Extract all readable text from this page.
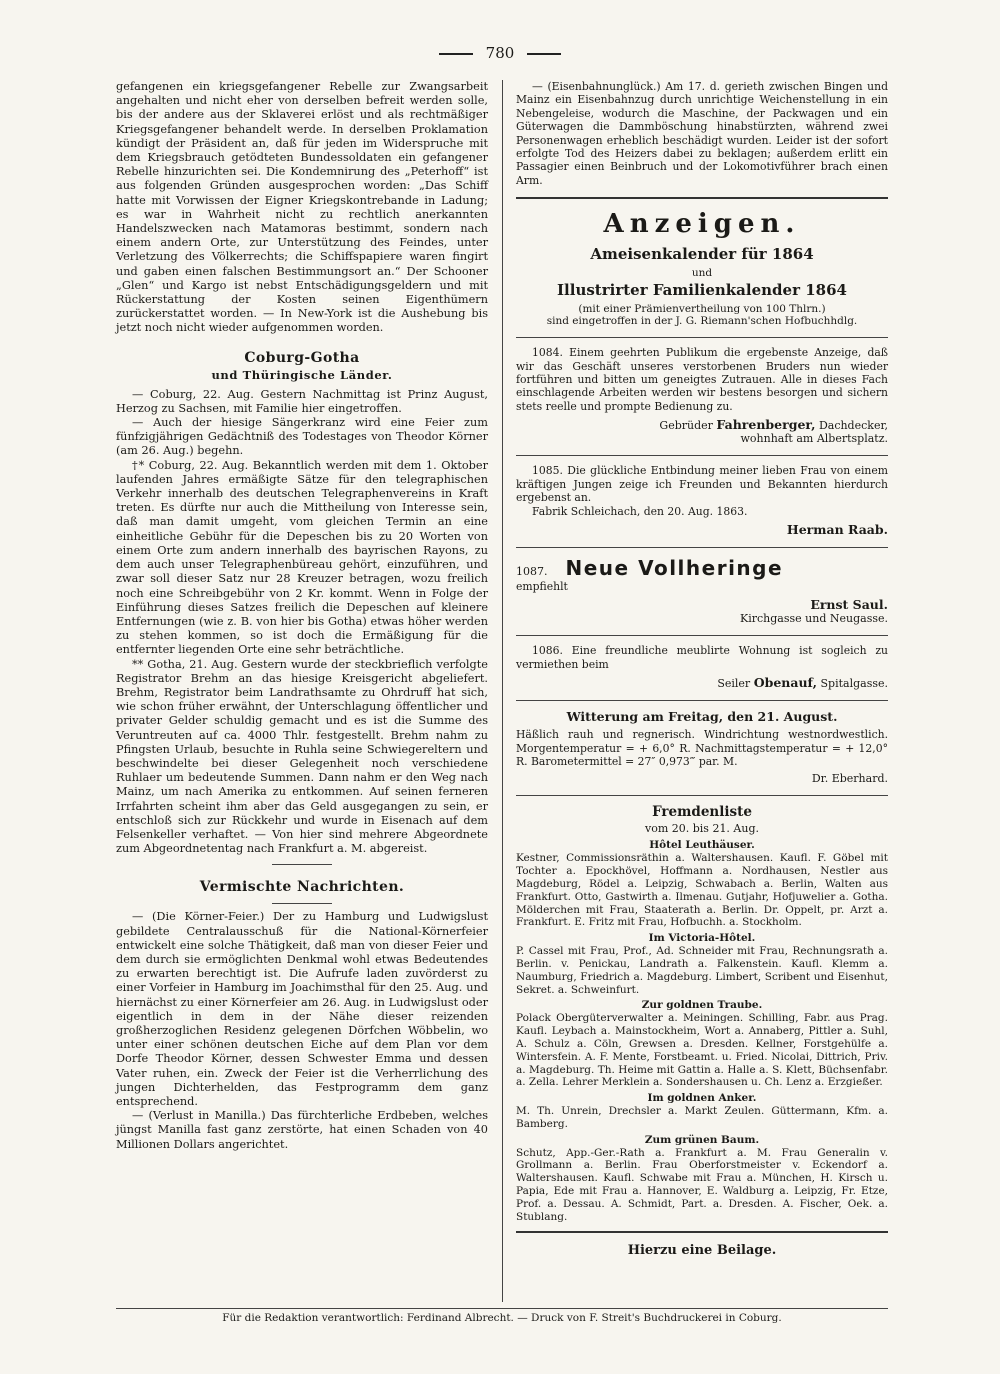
780

gefangenen ein kriegsgefangener Rebelle zur Zwangsarbeit angehalten und nicht eher von derselben befreit werden solle, bis der andere aus der Sklaverei erlöst und als rechtmäßiger Kriegsgefangener behandelt werde. In derselben Proklamation kündigt der Präsident an, daß für jeden im Widerspruche mit dem Kriegsbrauch getödteten Bundessoldaten ein gefangener Rebelle hinzurichten sei. Die Kondemnirung des „Peterhoff“ ist aus folgenden Gründen ausgesprochen worden: „Das Schiff hatte mit Vorwissen der Eigner Kriegskontrebande in Ladung; es war in Wahrheit nicht zu rechtlich anerkannten Handelszwecken nach Matamoras bestimmt, sondern nach einem andern Orte, zur Unterstützung des Feindes, unter Verletzung des Völkerrechts; die Schiffspapiere waren fingirt und gaben einen falschen Bestimmungsort an.“ Der Schooner „Glen“ und Kargo ist nebst Entschädigungsgeldern und mit Rückerstattung der Kosten seinen Eigenthümern zurückerstattet worden. — In New-York ist die Aushebung bis jetzt noch nicht wieder aufgenommen worden.

Coburg-Gotha
und Thüringische Länder.

— Coburg, 22. Aug. Gestern Nachmittag ist Prinz August, Herzog zu Sachsen, mit Familie hier eingetroffen.

— Auch der hiesige Sängerkranz wird eine Feier zum fünfzigjährigen Gedächtniß des Todestages von Theodor Körner (am 26. Aug.) begehn.

†* Coburg, 22. Aug. Bekanntlich werden mit dem 1. Oktober laufenden Jahres ermäßigte Sätze für den telegraphischen Verkehr innerhalb des deutschen Telegraphenvereins in Kraft treten. Es dürfte nur auch die Mittheilung von Interesse sein, daß man damit umgeht, vom gleichen Termin an eine einheitliche Gebühr für die Depeschen bis zu 20 Worten von einem Orte zum andern innerhalb des bayrischen Rayons, zu dem auch unser Telegraphenbüreau gehört, einzuführen, und zwar soll dieser Satz nur 28 Kreuzer betragen, wozu freilich noch eine Schreibgebühr von 2 Kr. kommt. Wenn in Folge der Einführung dieses Satzes freilich die Depeschen auf kleinere Entfernungen (wie z. B. von hier bis Gotha) etwas höher werden zu stehen kommen, so ist doch die Ermäßigung für die entfernter liegenden Orte eine sehr beträchtliche.

** Gotha, 21. Aug. Gestern wurde der steckbrieflich verfolgte Registrator Brehm an das hiesige Kreisgericht abgeliefert. Brehm, Registrator beim Landrathsamte zu Ohrdruff hat sich, wie schon früher erwähnt, der Unterschlagung öffentlicher und privater Gelder schuldig gemacht und es ist die Summe des Veruntreuten auf ca. 4000 Thlr. festgestellt. Brehm nahm zu Pfingsten Urlaub, besuchte in Ruhla seine Schwiegereltern und beschwindelte bei dieser Gelegenheit noch verschiedene Ruhlaer um bedeutende Summen. Dann nahm er den Weg nach Mainz, um nach Amerika zu entkommen. Auf seinen ferneren Irrfahrten scheint ihm aber das Geld ausgegangen zu sein, er entschloß sich zur Rückkehr und wurde in Eisenach auf dem Felsenkeller verhaftet. — Von hier sind mehrere Abgeordnete zum Abgeordnetentag nach Frankfurt a. M. abgereist.

Vermischte Nachrichten.

— (Die Körner-Feier.) Der zu Hamburg und Ludwigslust gebildete Centralausschuß für die National-Körnerfeier entwickelt eine solche Thätigkeit, daß man von dieser Feier und dem durch sie ermöglichten Denkmal wohl etwas Bedeutendes zu erwarten berechtigt ist. Die Aufrufe laden zuvörderst zu einer Vorfeier in Hamburg im Joachimsthal für den 25. Aug. und hiernächst zu einer Körnerfeier am 26. Aug. in Ludwigslust oder eigentlich in dem in der Nähe dieser reizenden großherzoglichen Residenz gelegenen Dörfchen Wöbbelin, wo unter einer schönen deutschen Eiche auf dem Plan vor dem Dorfe Theodor Körner, dessen Schwester Emma und dessen Vater ruhen, ein. Zweck der Feier ist die Verherrlichung des jungen Dichterhelden, das Festprogramm dem ganz entsprechend.

— (Verlust in Manilla.) Das fürchterliche Erdbeben, welches jüngst Manilla fast ganz zerstörte, hat einen Schaden von 40 Millionen Dollars angerichtet.

— (Eisenbahnunglück.) Am 17. d. gerieth zwischen Bingen und Mainz ein Eisenbahnzug durch unrichtige Weichenstellung in ein Nebengeleise, wodurch die Maschine, der Packwagen und ein Güterwagen die Dammböschung hinabstürzten, während zwei Personenwagen erheblich beschädigt wurden. Leider ist der sofort erfolgte Tod des Heizers dabei zu beklagen; außerdem erlitt ein Passagier einen Beinbruch und der Lokomotivführer brach einen Arm.

Anzeigen.
Ameisenkalender für 1864
und
Illustrirter Familienkalender 1864
(mit einer Prämienvertheilung von 100 Thlrn.)
sind eingetroffen in der J. G. Riemann'schen Hofbuchhdlg.

1084. Einem geehrten Publikum die ergebenste Anzeige, daß wir das Geschäft unseres verstorbenen Bruders nun wieder fortführen und bitten um geneigtes Zutrauen. Alle in dieses Fach einschlagende Arbeiten werden wir bestens besorgen und sichern stets reelle und prompte Bedienung zu.

Gebrüder Fahrenberger, Dachdecker,
wohnhaft am Albertsplatz.

1085. Die glückliche Entbindung meiner lieben Frau von einem kräftigen Jungen zeige ich Freunden und Bekannten hierdurch ergebenst an.

Fabrik Schleichach, den 20. Aug. 1863.

Herman Raab.
1087. Neue Vollheringe

empfiehlt

Ernst Saul.
Kirchgasse und Neugasse.

1086. Eine freundliche meublirte Wohnung ist sogleich zu vermiethen beim

Seiler Obenauf, Spitalgasse.
Witterung am Freitag, den 21. August.

Häßlich rauh und regnerisch. Windrichtung westnordwestlich. Morgentemperatur = + 6,0° R. Nachmittagstemperatur = + 12,0° R. Barometermittel = 27″ 0,973‴ par. M.

Dr. Eberhard.
Fremdenliste
vom 20. bis 21. Aug.
Hôtel Leuthäuser.

Kestner, Commissionsräthin a. Waltershausen. Kaufl. F. Göbel mit Tochter a. Epockhövel, Hoffmann a. Nordhausen, Nestler aus Magdeburg, Rödel a. Leipzig, Schwabach a. Berlin, Walten aus Frankfurt. Otto, Gastwirth a. Ilmenau. Gutjahr, Hofjuwelier a. Gotha. Mölderchen mit Frau, Staaterath a. Berlin. Dr. Oppelt, pr. Arzt a. Frankfurt. E. Fritz mit Frau, Hofbuchh. a. Stockholm.

Im Victoria-Hôtel.

P. Cassel mit Frau, Prof., Ad. Schneider mit Frau, Rechnungsrath a. Berlin. v. Penickau, Landrath a. Falkenstein. Kaufl. Klemm a. Naumburg, Friedrich a. Magdeburg. Limbert, Scribent und Eisenhut, Sekret. a. Schweinfurt.

Zur goldnen Traube.

Polack Obergüterverwalter a. Meiningen. Schilling, Fabr. aus Prag. Kaufl. Leybach a. Mainstockheim, Wort a. Annaberg, Pittler a. Suhl, A. Schulz a. Cöln, Grewsen a. Dresden. Kellner, Forstgehülfe a. Wintersfein. A. F. Mente, Forstbeamt. u. Fried. Nicolai, Dittrich, Priv. a. Magdeburg. Th. Heime mit Gattin a. Halle a. S. Klett, Büchsenfabr. a. Zella. Lehrer Merklein a. Sondershausen u. Ch. Lenz a. Erzgießer.

Im goldnen Anker.

M. Th. Unrein, Drechsler a. Markt Zeulen. Güttermann, Kfm. a. Bamberg.

Zum grünen Baum.

Schutz, App.-Ger.-Rath a. Frankfurt a. M. Frau Generalin v. Grollmann a. Berlin. Frau Oberforstmeister v. Eckendorf a. Waltershausen. Kaufl. Schwabe mit Frau a. München, H. Kirsch u. Papia, Ede mit Frau a. Hannover, E. Waldburg a. Leipzig, Fr. Etze, Prof. a. Dessau. A. Schmidt, Part. a. Dresden. A. Fischer, Oek. a. Stublang.

Hierzu eine Beilage.
Für die Redaktion verantwortlich: Ferdinand Albrecht. — Druck von F. Streit's Buchdruckerei in Coburg.
